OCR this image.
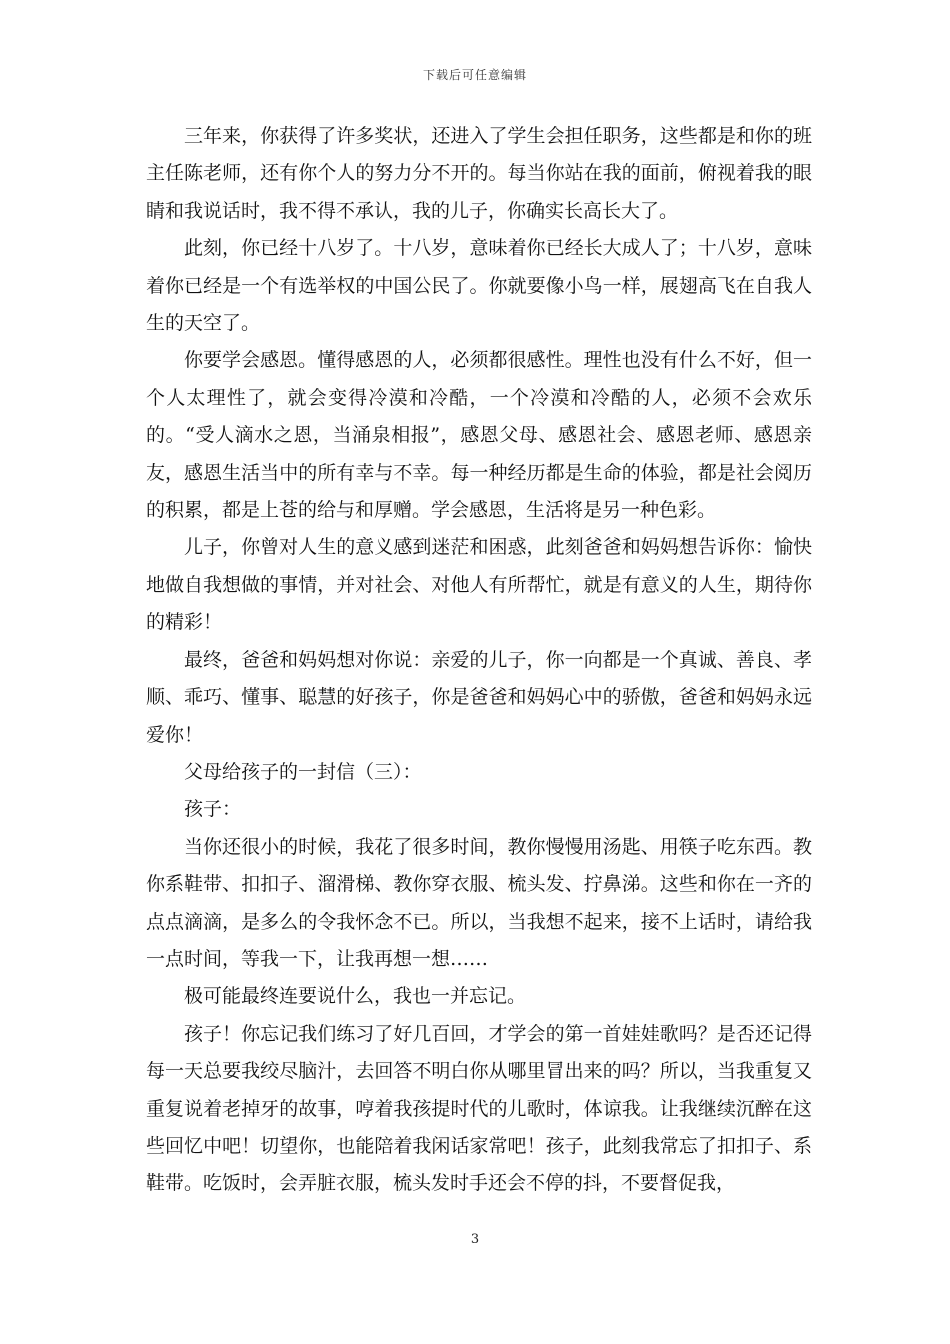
下载后可任意编辑

三年来，你获得了许多奖状，还进入了学生会担任职务，这些都是和你的班主任陈老师，还有你个人的努力分不开的。每当你站在我的面前，俯视着我的眼睛和我说话时，我不得不承认，我的儿子，你确实长高长大了。

此刻，你已经十八岁了。十八岁，意味着你已经长大成人了；十八岁，意味着你已经是一个有选举权的中国公民了。你就要像小鸟一样，展翅高飞在自我人生的天空了。

你要学会感恩。懂得感恩的人，必须都很感性。理性也没有什么不好，但一个人太理性了，就会变得冷漠和冷酷，一个冷漠和冷酷的人，必须不会欢乐的。“受人滴水之恩，当涌泉相报”，感恩父母、感恩社会、感恩老师、感恩亲友，感恩生活当中的所有幸与不幸。每一种经历都是生命的体验，都是社会阅历的积累，都是上苍的给与和厚赠。学会感恩，生活将是另一种色彩。

儿子，你曾对人生的意义感到迷茫和困惑，此刻爸爸和妈妈想告诉你：愉快地做自我想做的事情，并对社会、对他人有所帮忙，就是有意义的人生，期待你的精彩！

最终，爸爸和妈妈想对你说：亲爱的儿子，你一向都是一个真诚、善良、孝顺、乖巧、懂事、聪慧的好孩子，你是爸爸和妈妈心中的骄傲，爸爸和妈妈永远爱你！

父母给孩子的一封信（三）：

孩子：

当你还很小的时候，我花了很多时间，教你慢慢用汤匙、用筷子吃东西。教你系鞋带、扣扣子、溜滑梯、教你穿衣服、梳头发、拧鼻涕。这些和你在一齐的点点滴滴，是多么的令我怀念不已。所以，当我想不起来，接不上话时，请给我一点时间，等我一下，让我再想一想……

极可能最终连要说什么，我也一并忘记。

孩子！你忘记我们练习了好几百回，才学会的第一首娃娃歌吗？是否还记得每一天总要我绞尽脑汁，去回答不明白你从哪里冒出来的吗？所以，当我重复又重复说着老掉牙的故事，哼着我孩提时代的儿歌时，体谅我。让我继续沉醉在这些回忆中吧！切望你，也能陪着我闲话家常吧！孩子，此刻我常忘了扣扣子、系鞋带。吃饭时，会弄脏衣服，梳头发时手还会不停的抖，不要督促我，

3
